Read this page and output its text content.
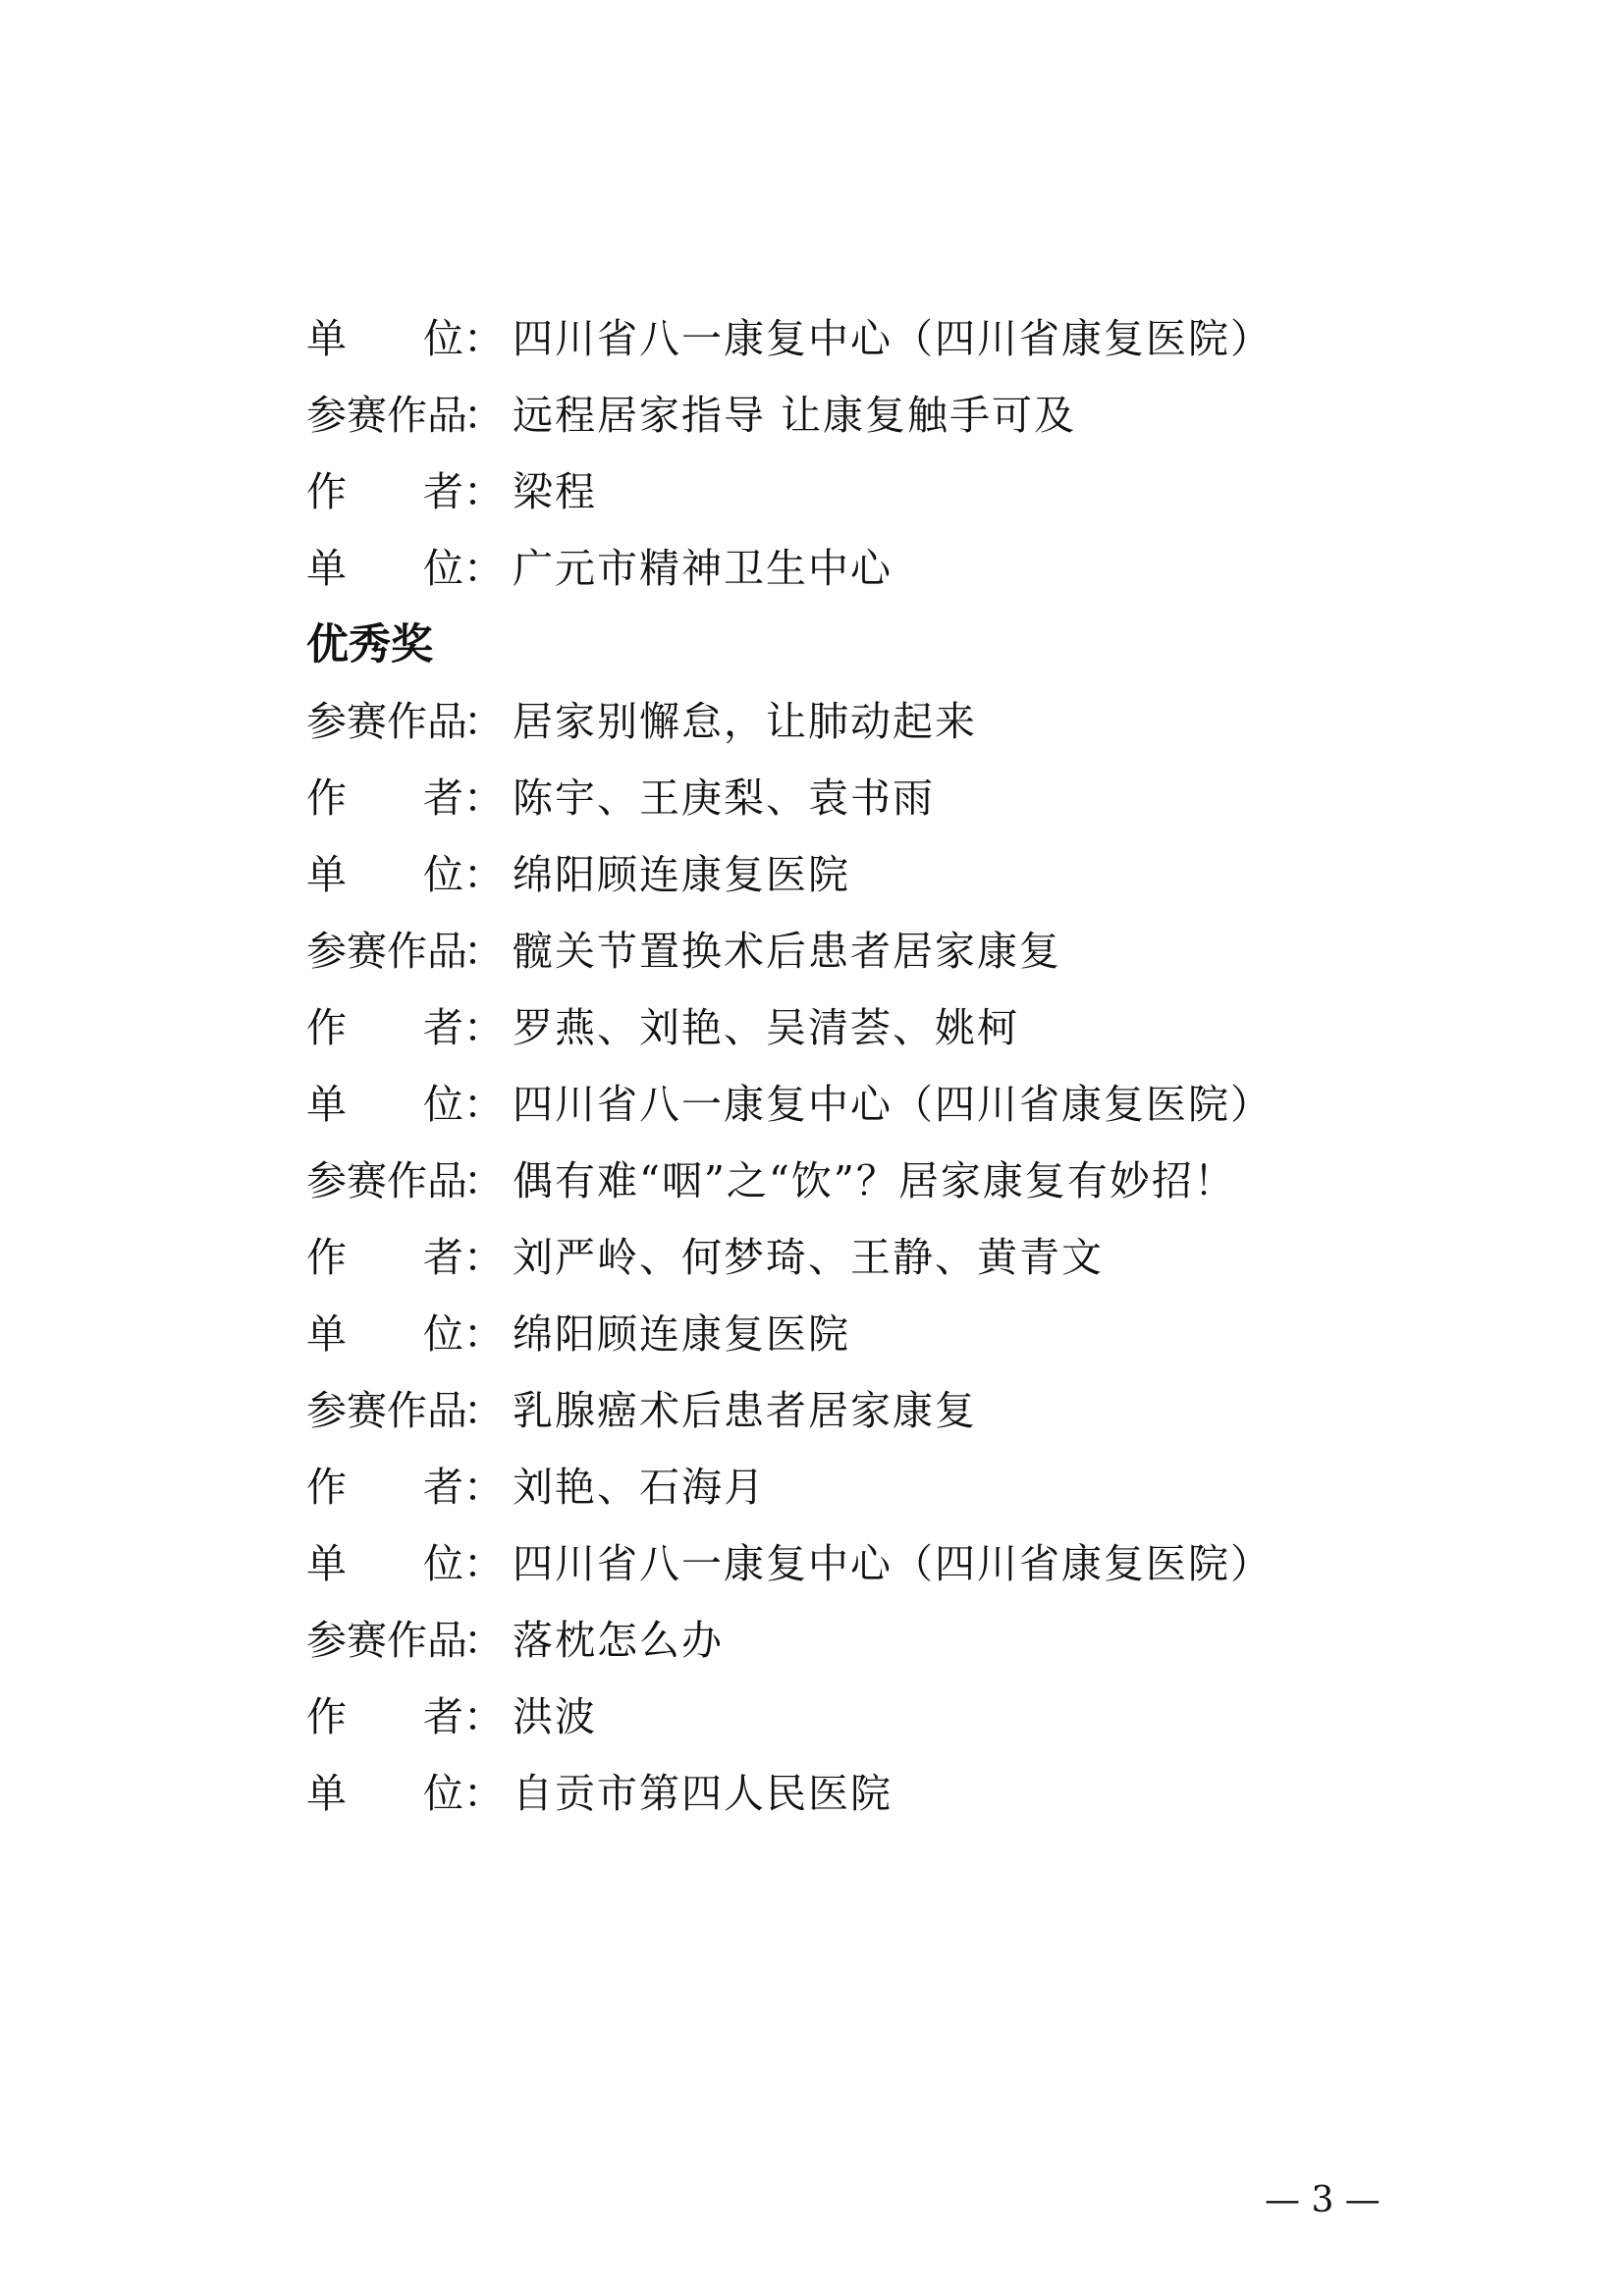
单 位 ： 四川省八一康复中心（四川省康复医院）
参赛作品
： 远程居家指导 让康复触手可及
作 者 ： 梁程
单 位 ： 广元市精神卫生中心
优秀奖
参赛作品
： 居家别懈怠，让肺动起来
作 者 ： 陈宇、王庚梨、袁书雨
单 位 ： 绵阳顾连康复医院
参赛作品
： 髋关节置换术后患者居家康复
作 者 ： 罗燕、刘艳、吴清荟、姚柯
单 位 ： 四川省八一康复中心（四川省康复医院）
参赛作品
： 偶有难“咽”之“饮”？居家康复有妙招！
作 者 ： 刘严岭、何梦琦、王静、黄青文
单 位 ： 绵阳顾连康复医院
参赛作品
： 乳腺癌术后患者居家康复
作 者 ： 刘艳、石海月
单 位 ： 四川省八一康复中心（四川省康复医院）
参赛作品
： 落枕怎么办
作 者 ： 洪波
单 位 ： 自贡市第四人民医院
— 3 —
